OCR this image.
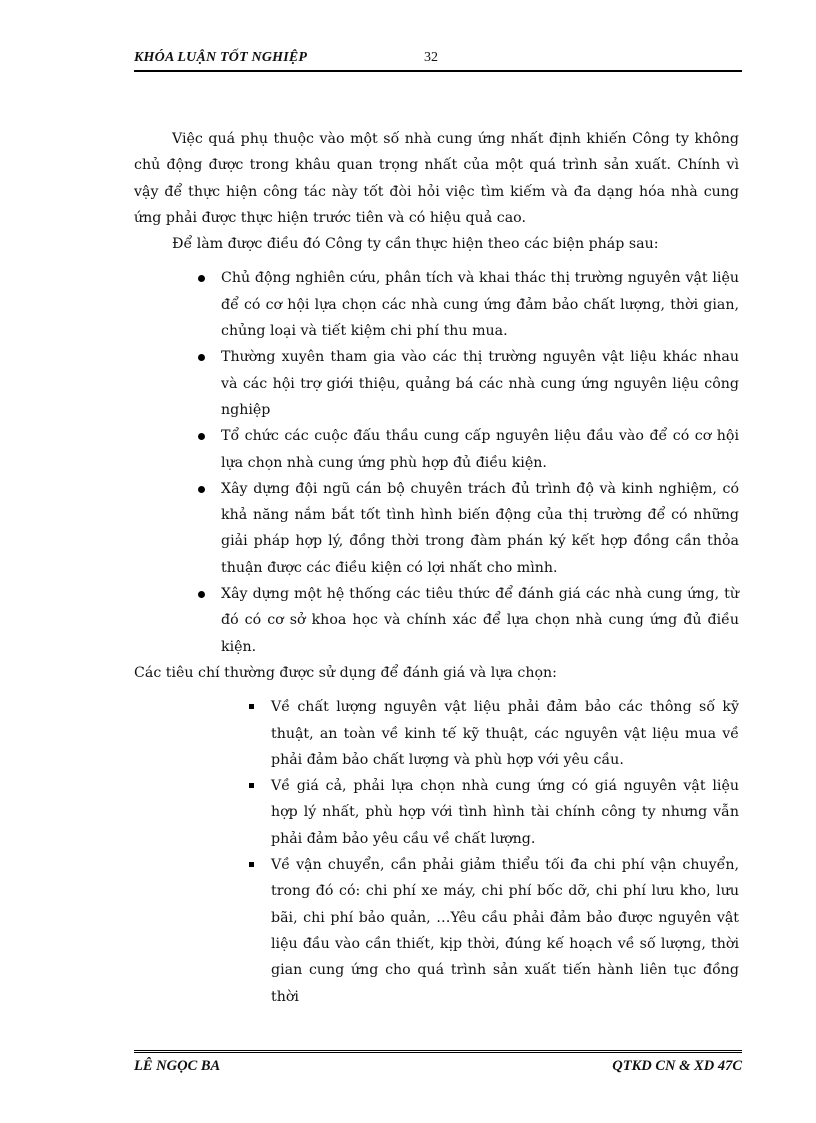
KHÓA LUẬN TỐT NGHIỆP	32

Việc quá phụ thuộc vào một số nhà cung ứng nhất định khiến Công ty không chủ động được trong khâu quan trọng nhất của một quá trình sản xuất. Chính vì vậy để thực hiện công tác này tốt đòi hỏi việc tìm kiếm và đa dạng hóa nhà cung ứng phải được thực hiện trước tiên và có hiệu quả cao.

Để làm được điều đó Công ty cần thực hiện theo các biện pháp sau:

Chủ động nghiên cứu, phân tích và khai thác thị trường nguyên vật liệu để có cơ hội lựa chọn các nhà cung ứng đảm bảo chất lượng, thời gian, chủng loại và tiết kiệm chi phí thu mua.
Thường xuyên tham gia vào các thị trường nguyên vật liệu khác nhau và các hội trợ giới thiệu, quảng bá các nhà cung ứng nguyên liệu công nghiệp
Tổ chức các cuộc đấu thầu cung cấp nguyên liệu đầu vào để có cơ hội lựa chọn nhà cung ứng phù hợp đủ điều kiện.
Xây dựng đội ngũ cán bộ chuyên trách đủ trình độ và kinh nghiệm, có khả năng nắm bắt tốt tình hình biến động của thị trường để có những giải pháp hợp lý, đồng thời trong đàm phán ký kết hợp đồng cần thỏa thuận được các điều kiện có lợi nhất cho mình.
Xây dựng một hệ thống các tiêu thức để đánh giá các nhà cung ứng, từ đó có cơ sở khoa học và chính xác để lựa chọn nhà cung ứng đủ điều kiện.

Các tiêu chí thường được sử dụng để đánh giá và lựa chọn:

Về chất lượng nguyên vật liệu phải đảm bảo các thông số kỹ thuật, an toàn về kinh tế kỹ thuật, các nguyên vật liệu mua về phải đảm bảo chất lượng và phù hợp với yêu cầu.
Về giá cả, phải lựa chọn nhà cung ứng có giá nguyên vật liệu hợp lý nhất, phù hợp với tình hình tài chính công ty nhưng vẫn phải đảm bảo yêu cầu về chất lượng.
Về vận chuyển, cần phải giảm thiểu tối đa chi phí vận chuyển, trong đó có: chi phí xe máy, chi phí bốc dỡ, chi phí lưu kho, lưu bãi, chi phí bảo quản, …Yêu cầu phải đảm bảo được nguyên vật liệu đầu vào cần thiết, kịp thời, đúng kế hoạch về số lượng, thời gian cung ứng cho quá trình sản xuất tiến hành liên tục đồng thời
LÊ NGỌC BA	QTKD CN & XD 47C
